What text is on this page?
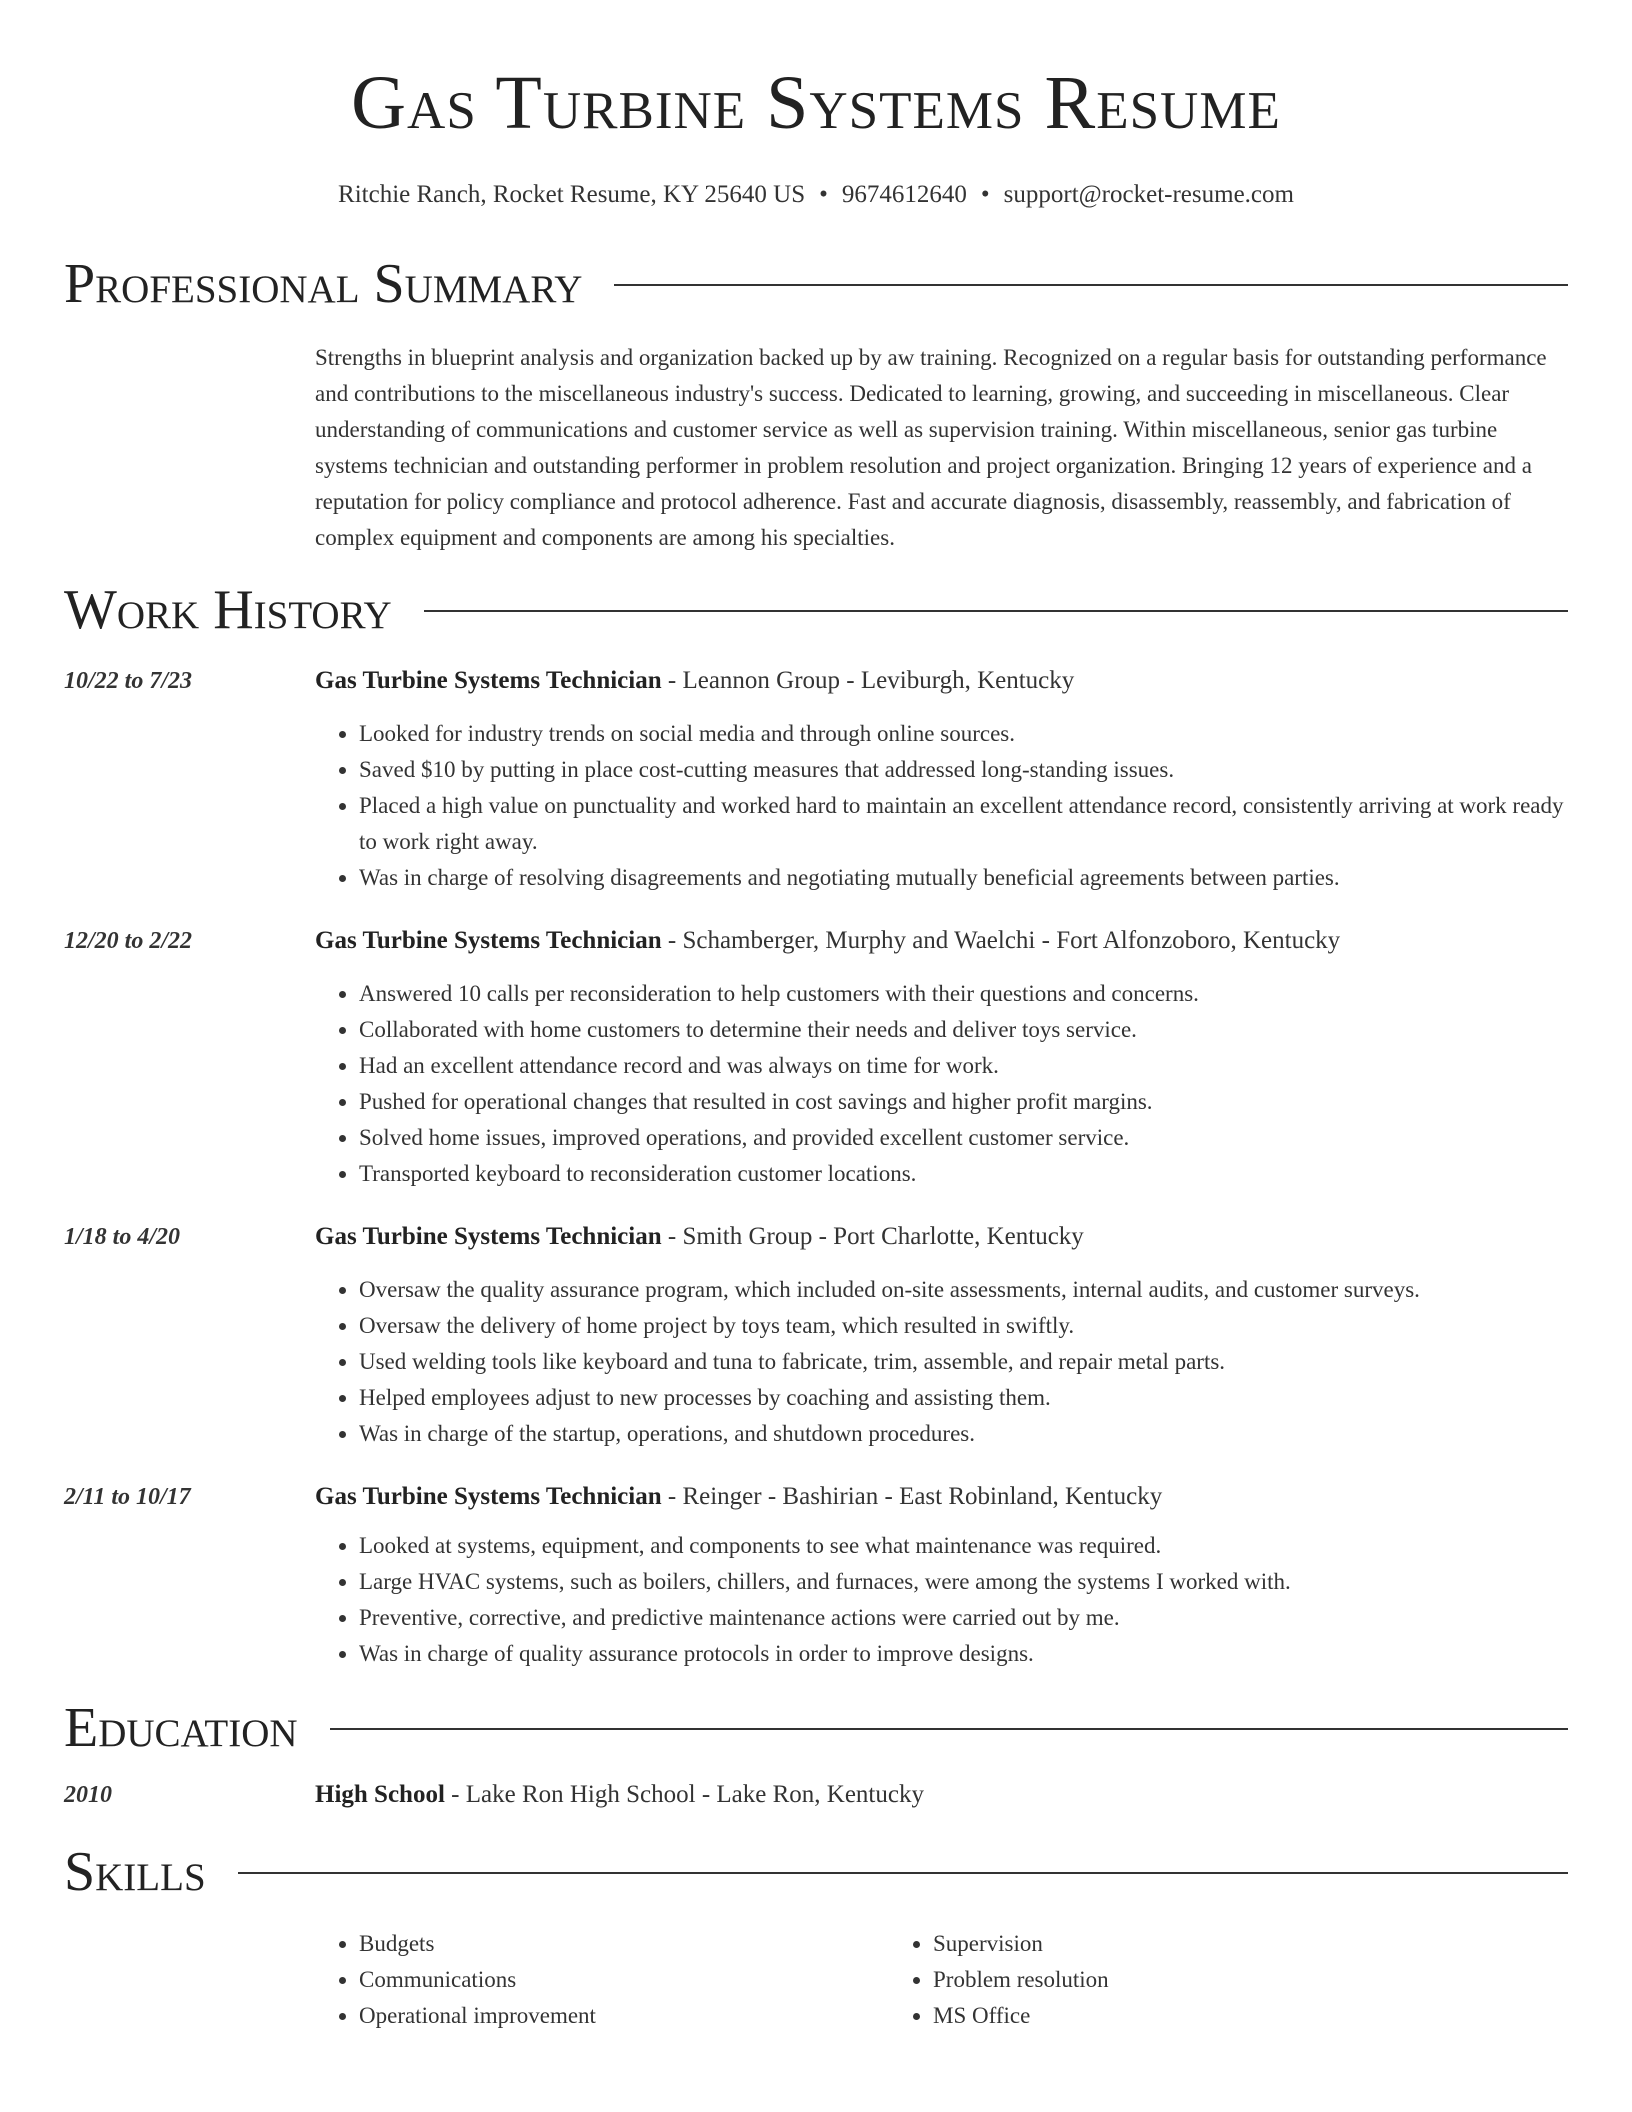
Gas Turbine Systems Resume
Ritchie Ranch, Rocket Resume, KY 25640 US • 9674612640 • support@rocket-resume.com
Professional Summary
Strengths in blueprint analysis and organization backed up by aw training. Recognized on a regular basis for outstanding performance and contributions to the miscellaneous industry's success. Dedicated to learning, growing, and succeeding in miscellaneous. Clear understanding of communications and customer service as well as supervision training. Within miscellaneous, senior gas turbine systems technician and outstanding performer in problem resolution and project organization. Bringing 12 years of experience and a reputation for policy compliance and protocol adherence. Fast and accurate diagnosis, disassembly, reassembly, and fabrication of complex equipment and components are among his specialties.
Work History
10/22 to 7/23	Gas Turbine Systems Technician - Leannon Group - Leviburgh, Kentucky
• Looked for industry trends on social media and through online sources.
• Saved $10 by putting in place cost-cutting measures that addressed long-standing issues.
• Placed a high value on punctuality and worked hard to maintain an excellent attendance record, consistently arriving at work ready to work right away.
• Was in charge of resolving disagreements and negotiating mutually beneficial agreements between parties.
12/20 to 2/22	Gas Turbine Systems Technician - Schamberger, Murphy and Waelchi - Fort Alfonzoboro, Kentucky
• Answered 10 calls per reconsideration to help customers with their questions and concerns.
• Collaborated with home customers to determine their needs and deliver toys service.
• Had an excellent attendance record and was always on time for work.
• Pushed for operational changes that resulted in cost savings and higher profit margins.
• Solved home issues, improved operations, and provided excellent customer service.
• Transported keyboard to reconsideration customer locations.
1/18 to 4/20	Gas Turbine Systems Technician - Smith Group - Port Charlotte, Kentucky
• Oversaw the quality assurance program, which included on-site assessments, internal audits, and customer surveys.
• Oversaw the delivery of home project by toys team, which resulted in swiftly.
• Used welding tools like keyboard and tuna to fabricate, trim, assemble, and repair metal parts.
• Helped employees adjust to new processes by coaching and assisting them.
• Was in charge of the startup, operations, and shutdown procedures.
2/11 to 10/17	Gas Turbine Systems Technician - Reinger - Bashirian - East Robinland, Kentucky
• Looked at systems, equipment, and components to see what maintenance was required.
• Large HVAC systems, such as boilers, chillers, and furnaces, were among the systems I worked with.
• Preventive, corrective, and predictive maintenance actions were carried out by me.
• Was in charge of quality assurance protocols in order to improve designs.
Education
2010	High School - Lake Ron High School - Lake Ron, Kentucky
Skills
• Budgets
• Communications
• Operational improvement
• Supervision
• Problem resolution
• MS Office
